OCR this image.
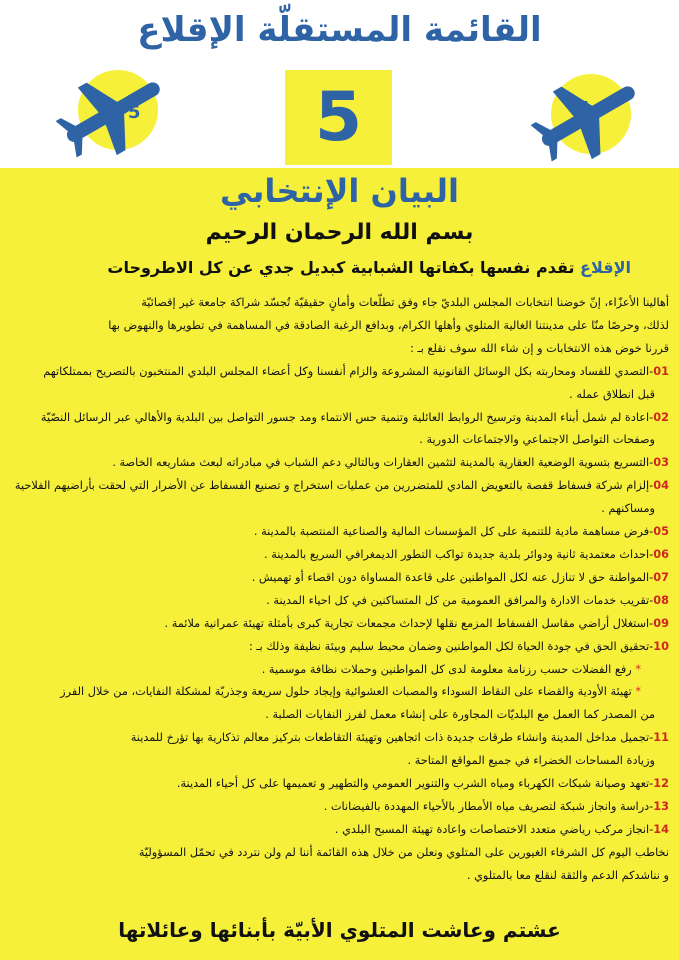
القائمة المستقلّة الإقلاع
5	5	5
البيان الإنتخابي
بسم الله الرحمان الرحيم
الإقلاع تقدم نفسها بكفاتها الشبابية كبديل جدي عن كل الاطروحات

أهالينا الأعزّاء، إنّ خوضنا انتخابات المجلس البلديّ جاء وفق تطلّعات وأمانٍ حقيقيّة تُجسّد شراكة جامعة غير إقصائيّة

لذلك، وحرصًا منّا على مدينتنا الغالية المتلوي وأهلها الكرام، وبدافع الرغبة الصادقة في المساهمة في تطويرها والنهوض بها

قررنا خوض هذه الانتخابات و إن شاء الله سوف نقلع بـ :

01-التصدي للفساد ومحاربته بكل الوسائل القانونية المشروعة والزام أنفسنا وكل أعضاء المجلس البلدي المنتخبون بالتصريح بممتلكاتهم

قبل انطلاق عمله .

02-اعادة لم شمل أبناء المدينة وترسيخ الروابط العائلية وتنمية حس الانتماء ومد جسور التواصل بين البلدية والأهالي عبر الرسائل النصّيّة

وصفحات التواصل الاجتماعي والاجتماعات الدورية .

03-التسريع بتسوية الوضعية العقارية بالمدينة لتثمين العقارات وبالتالي دعم الشباب في مبادراته لبعث مشاريعه الخاصة .

04-إلزام شركة فسفاط قفصة بالتعويض المادي للمتضررين من عمليات استخراج و تصنيع الفسفاط عن الأضرار التي لحقت بأراضيهم الفلاحية

ومساكنهم .

05-فرض مساهمة مادية للتنمية على كل المؤسسات المالية والصناعية المنتصبة بالمدينة .

06-احداث معتمدية ثانية ودوائر بلدية جديدة تواكب التطور الديمغرافي السريع بالمدينة .

07-المواطنة حق لا تنازل عنه لكل المواطنين على قاعدة المساواة دون اقصاء أو تهميش .

08-تقريب خدمات الادارة والمرافق العمومية من كل المتساكنين في كل احياء المدينة .

09-استغلال أراضي مقاسل الفسفاط المزمع نقلها لإحداث مجمعات تجارية كبرى بأمثلة تهيئة عمرانية ملائمة .

10-تحقيق الحق في جودة الحياة لكل المواطنين وضمان محيط سليم وبيئة نظيفة وذلك بـ :

* رفع الفضلات حسب رزنامة معلومة لدى كل المواطنين وحملات نظافة موسمية .

* تهيئة الأودية والقضاء على النقاط السوداء والمصبات العشوائية وإيجاد حلول سريعة وجذريّة لمشكلة النفايات، من خلال الفرز

من المصدر كما العمل مع البلديّات المجاورة على إنشاء معمل لفرز النفايات الصلبة .

11-تجميل مداخل المدينة وانشاء طرقات جديدة ذات اتجاهين وتهيئة التقاطعات بتركيز معالم تذكارية بها تؤرخ للمدينة

وزيادة المساحات الخضراء في جميع المواقع المتاحة .

12-تعهد وصيانة شبكات الكهرباء ومياه الشرب والتنوير العمومي والتطهير و تعميمها على كل أحياء المدينة.

13-دراسة وانجاز شبكة لتصريف مياه الأمطار بالأحياء المهددة بالفيضانات .

14-انجاز مركب رياضي متعدد الاختصاصات واعادة تهيئة المسبح البلدي .

نخاطب اليوم كل الشرفاء الغيورين على المتلوي ونعلن من خلال هذه القائمة أننا لم ولن نتردد في تحمّل المسؤوليّة

و نناشدكم الدعم والثقة لنقلع معا بالمتلوي .

عشتم وعاشت المتلوي الأبيّة بأبنائها وعائلاتها
